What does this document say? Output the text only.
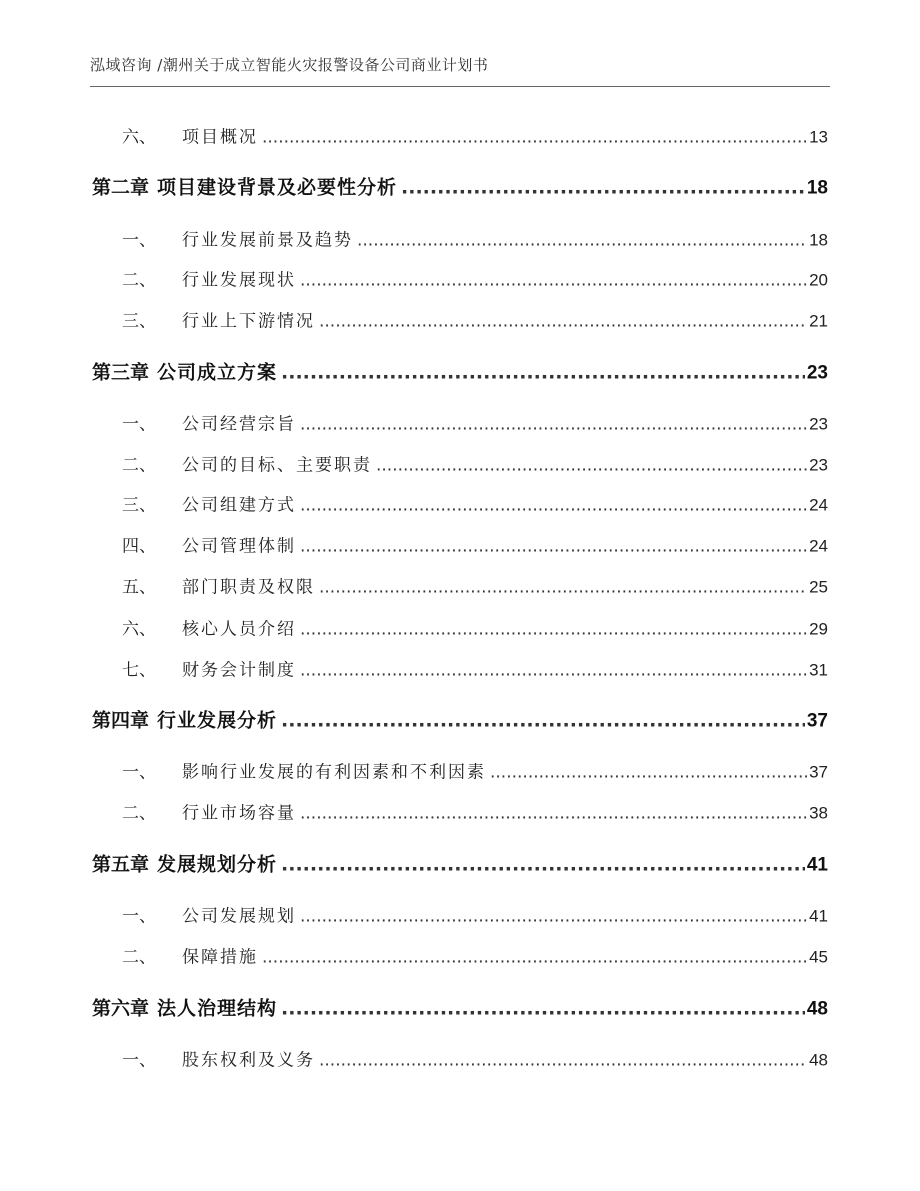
泓域咨询 /潮州关于成立智能火灾报警设备公司商业计划书
六、 项目概况 .....	13
第二章 项目建设背景及必要性分析 .....	18
一、 行业发展前景及趋势 .....	18
二、 行业发展现状 .....	20
三、 行业上下游情况 .....	21
第三章 公司成立方案 .....	23
一、 公司经营宗旨 .....	23
二、 公司的目标、主要职责 .....	23
三、 公司组建方式 .....	24
四、 公司管理体制 .....	24
五、 部门职责及权限 .....	25
六、 核心人员介绍 .....	29
七、 财务会计制度 .....	31
第四章 行业发展分析 .....	37
一、 影响行业发展的有利因素和不利因素 .....	37
二、 行业市场容量 .....	38
第五章 发展规划分析 .....	41
一、 公司发展规划 .....	41
二、 保障措施 .....	45
第六章 法人治理结构 .....	48
一、 股东权利及义务 .....	48
